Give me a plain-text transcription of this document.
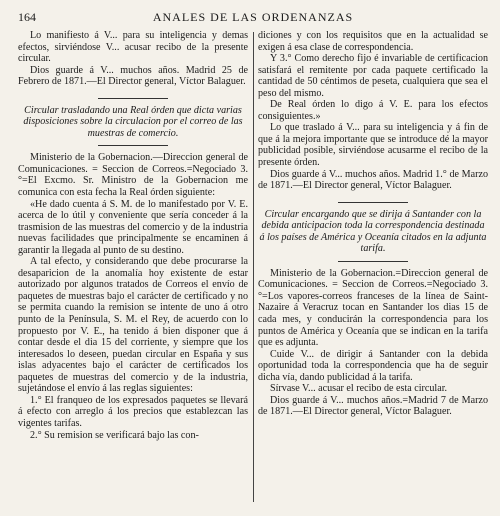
164	ANALES DE LAS ORDENANZAS

Lo manifiesto á V... para su inteligencia y demas efectos, sirviéndose V... acusar recibo de la presente circular.

Dios guarde á V... muchos años. Madrid 25 de Febrero de 1871.—El Director general, Víctor Balaguer.

Circular trasladando una Real órden que dicta varias disposiciones sobre la circulacion por el correo de las muestras de comercio.

Ministerio de la Gobernacion.—Direccion general de Comunicaciones. = Seccion de Correos.=Negociado 3.°=El Excmo. Sr. Ministro de la Gobernacion me comunica con esta fecha la Real órden siguiente:

«He dado cuenta á S. M. de lo manifestado por V. E. acerca de lo útil y conveniente que sería conceder á la trasmision de las muestras del comercio y de la industria nuevas facilidades que principalmente se encaminen á garantir la llegada al punto de su destino.

A tal efecto, y considerando que debe procurarse la desaparicion de la anomalía hoy existente de estar autorizado por algunos tratados de Correos el envío de paquetes de muestras bajo el carácter de certificado y no se permita cuando la remision se intente de uno á otro punto de la Península, S. M. el Rey, de acuerdo con lo propuesto por V. E., ha tenido á bien disponer que á contar desde el dia 15 del corriente, y siempre que los interesados lo deseen, puedan circular en España y sus islas adyacentes bajo el carácter de certificados los paquetes de muestras del comercio y de la industria, sujetándose el envío á las reglas siguientes:

1.° El franqueo de los expresados paquetes se llevará á efecto con arreglo á los precios que establezcan las vigentes tarifas.

2.° Su remision se verificará bajo las con-

diciones y con los requisitos que en la actualidad se exigen á esa clase de correspondencia.

Y 3.° Como derecho fijo é invariable de certificacion satisfará el remitente por cada paquete certificado la cantidad de 50 céntimos de peseta, cualquiera que sea el peso del mismo.

De Real órden lo digo á V. E. para los efectos consiguientes.»

Lo que traslado á V... para su inteligencia y á fin de que á la mejora importante que se introduce dé la mayor publicidad posible, sirviéndose acusarme el recibo de la presente órden.

Dios guarde á V... muchos años. Madrid 1.° de Marzo de 1871.—El Director general, Víctor Balaguer.

Circular encargando que se dirija á Santander con la debida anticipacion toda la correspondencia destinada á los países de América y Oceanía citados en la adjunta tarifa.

Ministerio de la Gobernacion.=Direccion general de Comunicaciones. = Seccion de Correos.=Negociado 3.°=Los vapores-correos franceses de la línea de Saint-Nazaire á Veracruz tocan en Santander los dias 15 de cada mes, y conducirán la correspondencia para los puntos de América y Oceanía que se indican en la tarifa que es adjunta.

Cuide V... de dirigir á Santander con la debida oportunidad toda la correspondencia que ha de seguir dicha vía, dando publicidad á la tarifa.

Sírvase V... acusar el recibo de esta circular.

Dios guarde á V... muchos años.=Madrid 7 de Marzo de 1871.—El Director general, Víctor Balaguer.
